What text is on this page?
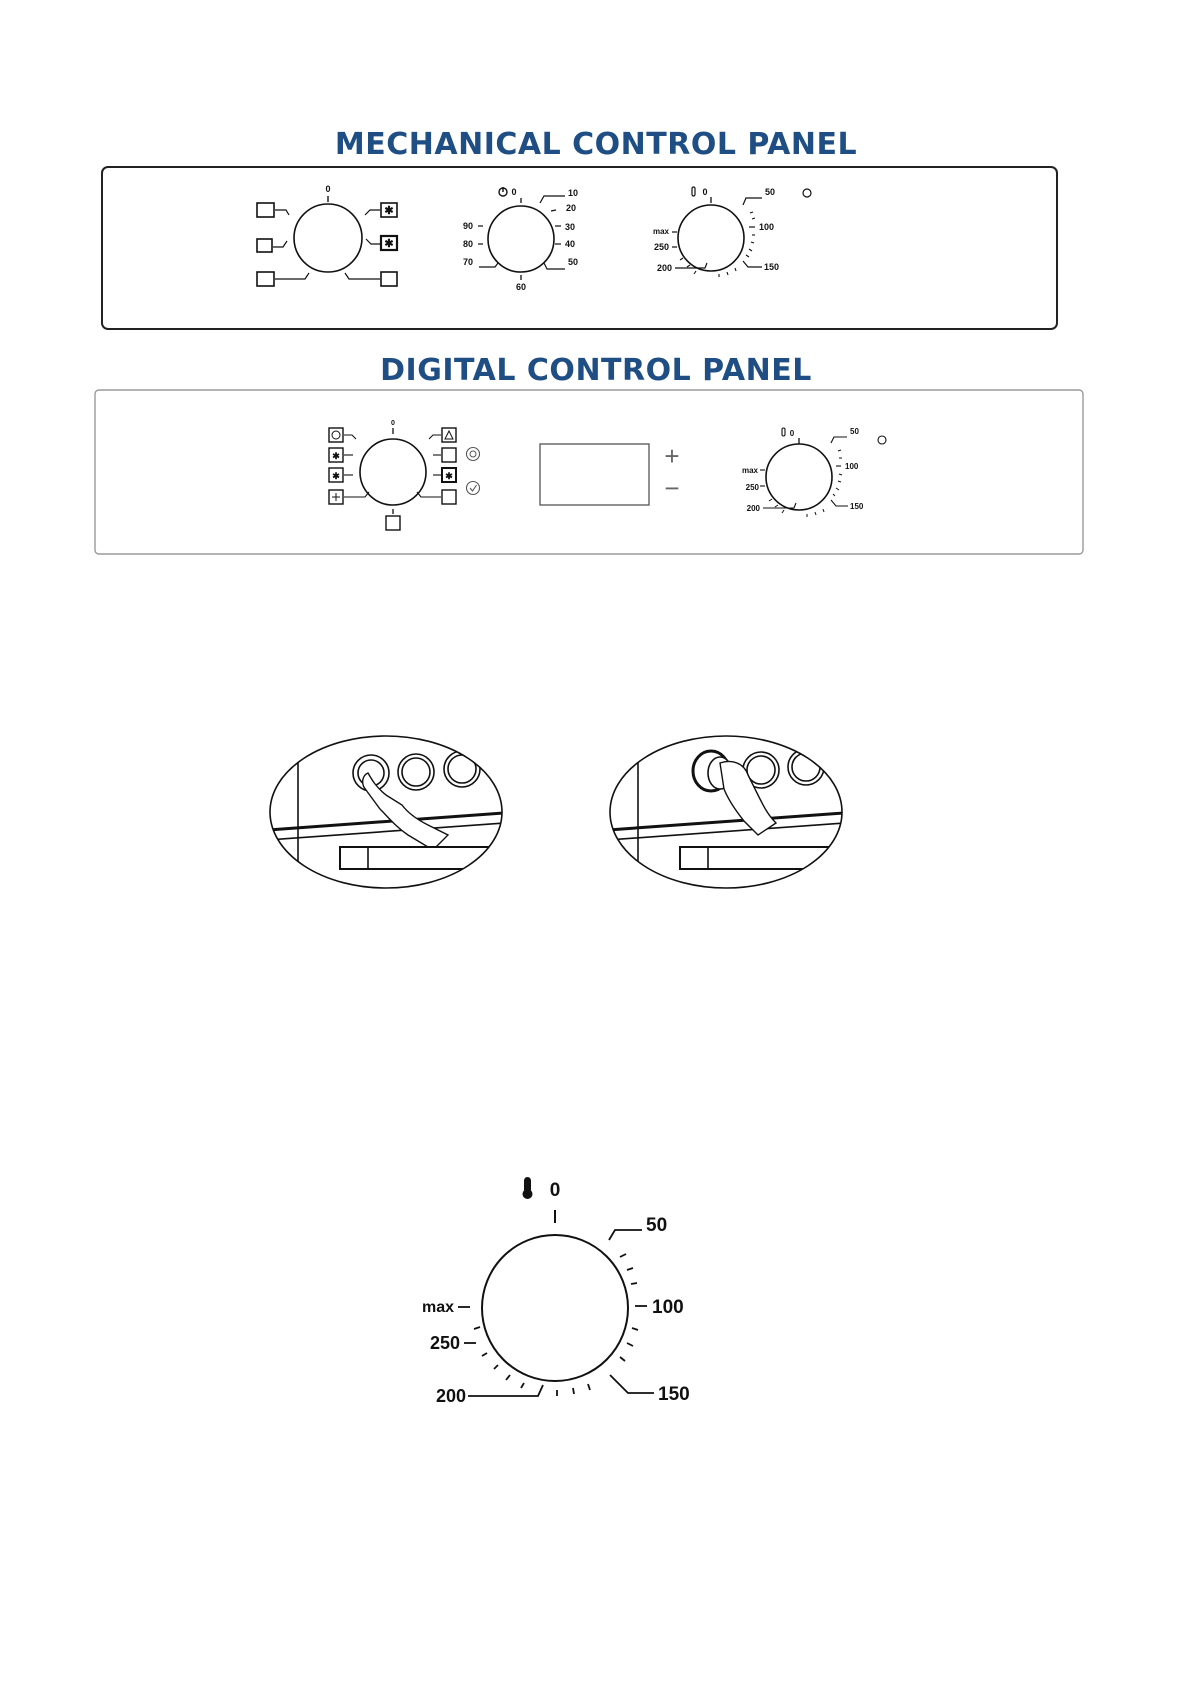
MECHANICAL CONTROL PANEL
0
✱
✱
0	10
20
30
40
50
60
90
80
70
0	50
100
150
200
250
max
DIGITAL CONTROL PANEL
0
✱
✱	✱
+
−
0	50
100
150
200
250
max
0
50
100
150
200
250
max
